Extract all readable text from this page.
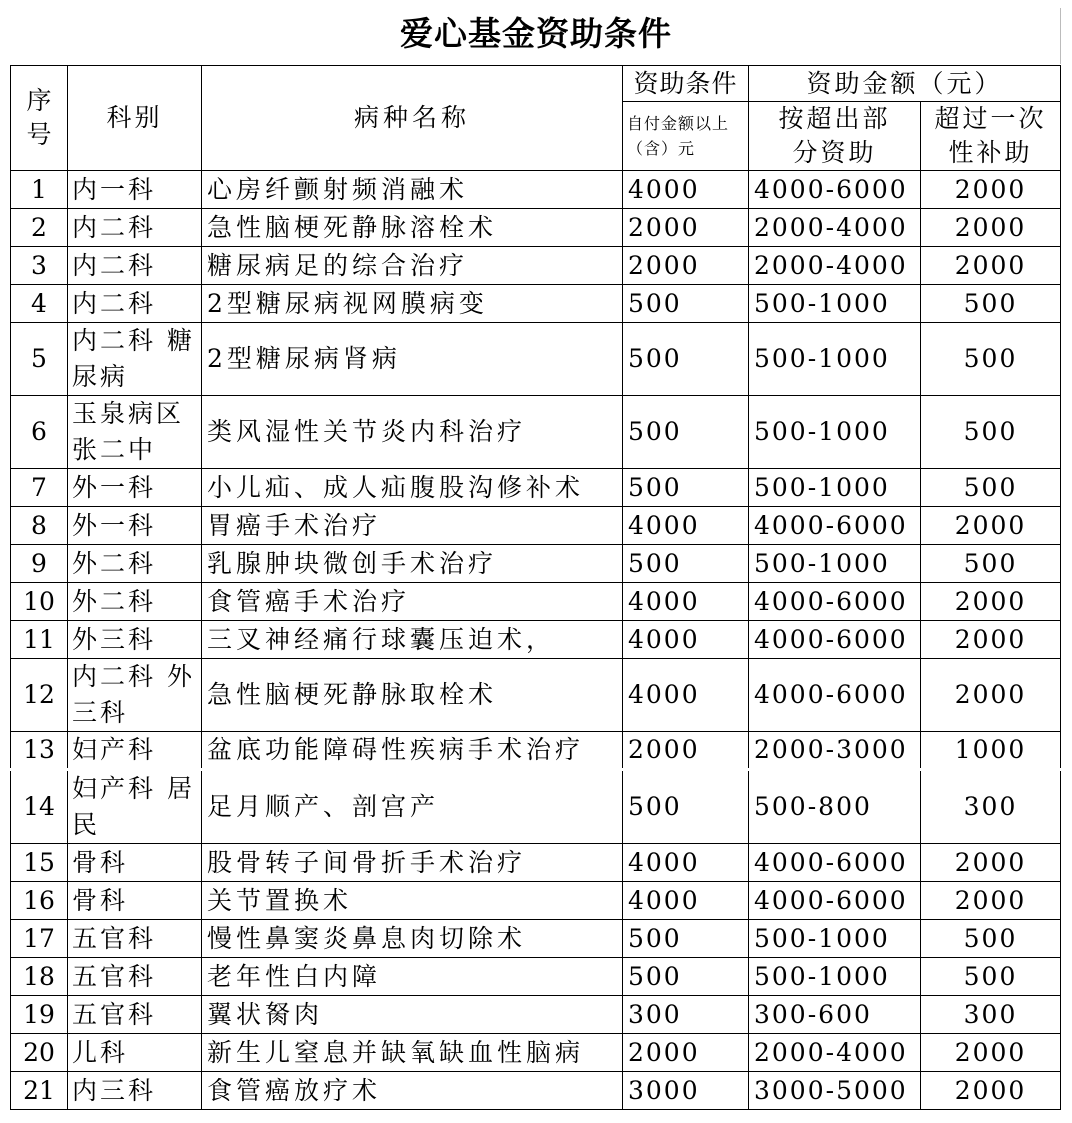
爱心基金资助条件
序号	科别	病种名称	资助条件	资助金额（元）	
			自付金额以上（含）元	按超出部分资助	超过一次性补助
1	内一科	心房纤颤射频消融术	4000	4000-6000	2000
2	内二科	急性脑梗死静脉溶栓术	2000	2000-4000	2000
3	内二科	糖尿病足的综合治疗	2000	2000-4000	2000
4	内二科	2型糖尿病视网膜病变	500	500-1000	500
5	内二科 糖尿病	2型糖尿病肾病	500	500-1000	500
6	玉泉病区 张二中	类风湿性关节炎内科治疗	500	500-1000	500
7	外一科	小儿疝、成人疝腹股沟修补术	500	500-1000	500
8	外一科	胃癌手术治疗	4000	4000-6000	2000
9	外二科	乳腺肿块微创手术治疗	500	500-1000	500
10	外二科	食管癌手术治疗	4000	4000-6000	2000
11	外三科	三叉神经痛行球囊压迫术，	4000	4000-6000	2000
12	内二科 外三科	急性脑梗死静脉取栓术	4000	4000-6000	2000
13	妇产科	盆底功能障碍性疾病手术治疗	2000	2000-3000	1000
14	妇产科 居　民	足月顺产、剖宫产	500	500-800	300
15	骨科	股骨转子间骨折手术治疗	4000	4000-6000	2000
16	骨科	关节置换术	4000	4000-6000	2000
17	五官科	慢性鼻窦炎鼻息肉切除术	500	500-1000	500
18	五官科	老年性白内障	500	500-1000	500
19	五官科	翼状胬肉	300	300-600	300
20	儿科	新生儿窒息并缺氧缺血性脑病	2000	2000-4000	2000
21	内三科	食管癌放疗术	3000	3000-5000	2000
